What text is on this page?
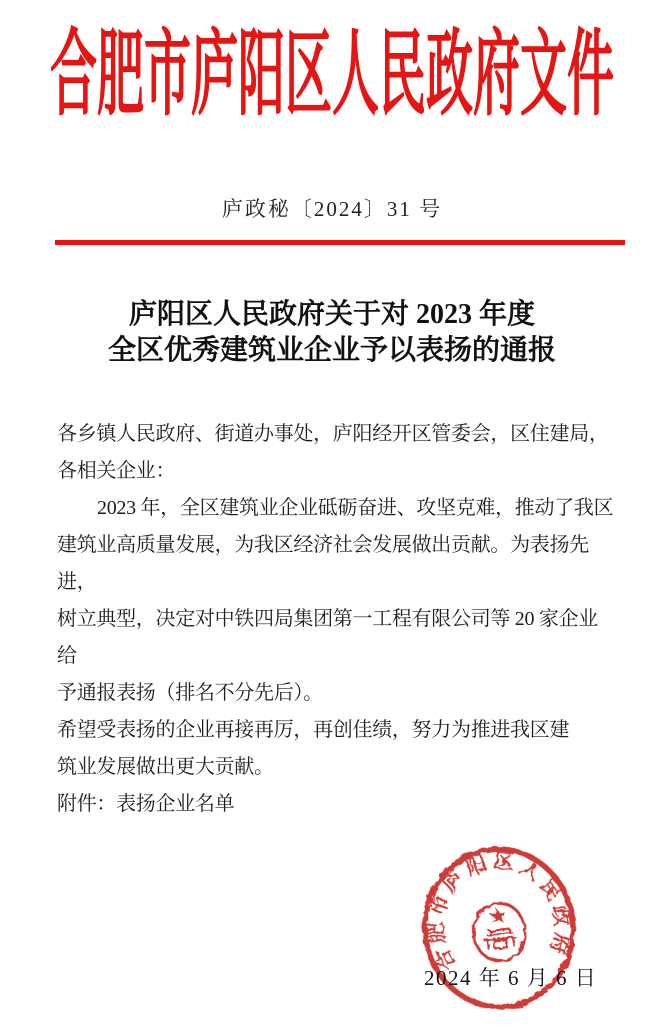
合肥市庐阳区人民政府文件
庐政秘〔2024〕31 号
庐阳区人民政府关于对 2023 年度
全区优秀建筑业企业予以表扬的通报

各乡镇人民政府、街道办事处，庐阳经开区管委会，区住建局，
各相关企业：

2023 年，全区建筑业企业砥砺奋进、攻坚克难，推动了我区
建筑业高质量发展，为我区经济社会发展做出贡献。为表扬先进，
树立典型，决定对中铁四局集团第一工程有限公司等 20 家企业给
予通报表扬（排名不分先后）。

希望受表扬的企业再接再厉，再创佳绩，努力为推进我区建
筑业发展做出更大贡献。

附件：表扬企业名单

合肥市庐阳区人民政府
2024 年 6 月 6 日
